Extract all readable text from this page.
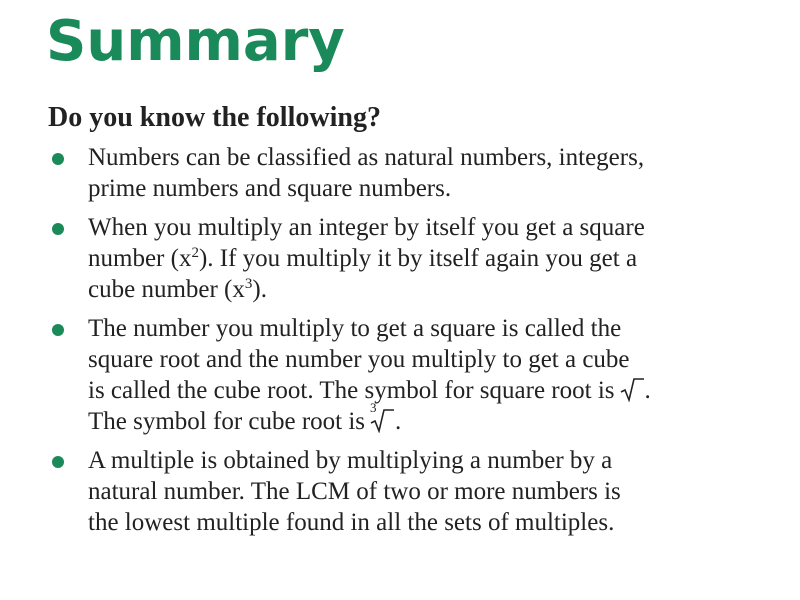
Summary
Do you know the following?
Numbers can be classified as natural numbers, integers,
prime numbers and square numbers.
When you multiply an integer by itself you get a square
number $(x^2)$. If you multiply it by itself again you get a
cube number $(x^3)$.
The number you multiply to get a square is called the
square root and the number you multiply to get a cube
is called the cube root. The symbol for square root is .
The symbol for cube root is
3
.
A multiple is obtained by multiplying a number by a
natural number. The LCM of two or more numbers is
the lowest multiple found in all the sets of multiples.
